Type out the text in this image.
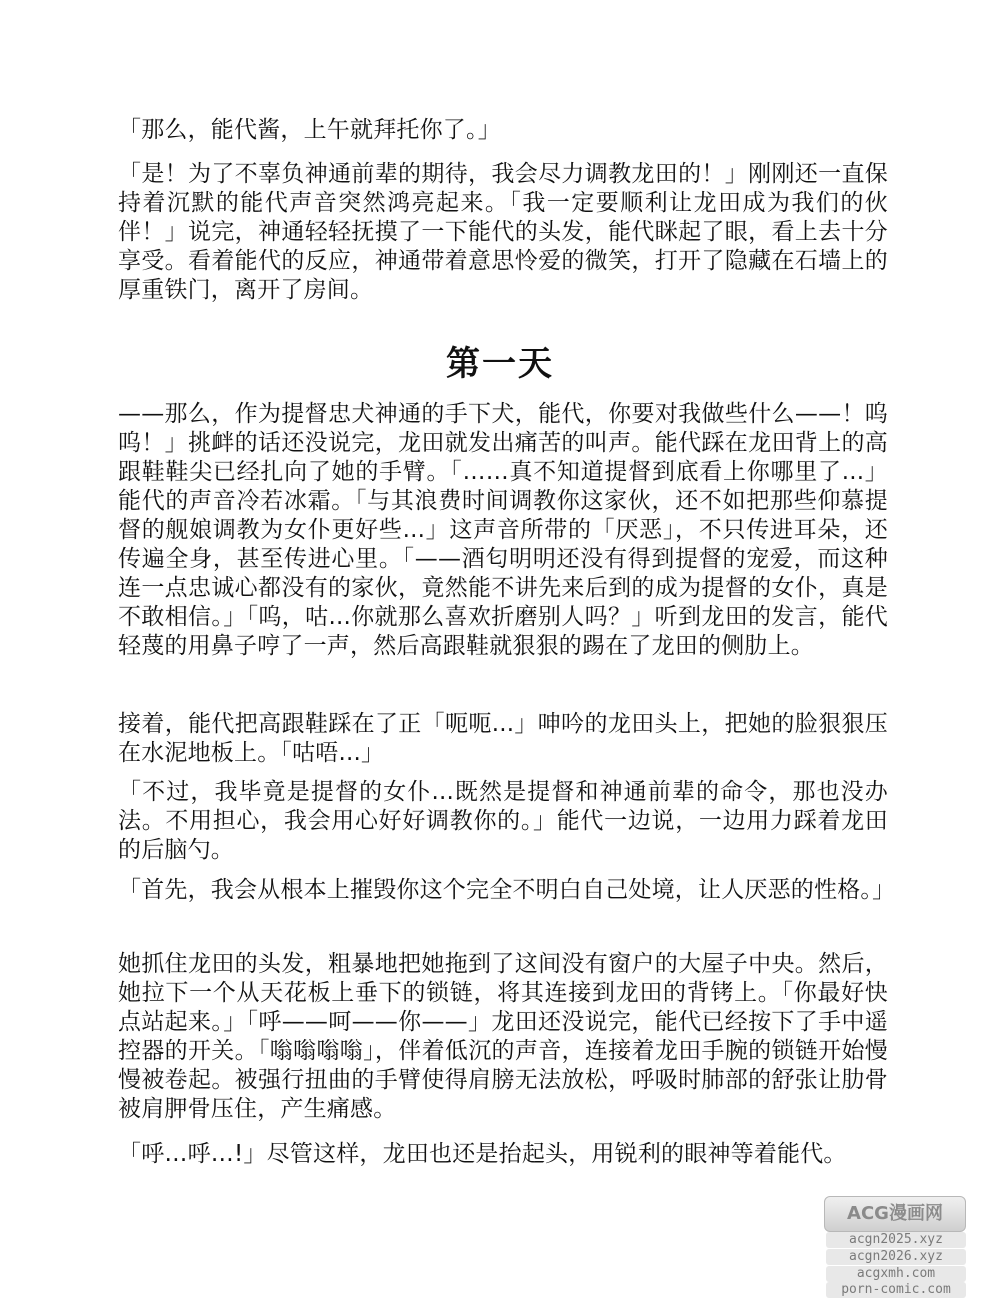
「那么，能代酱，上午就拜托你了。」

「是！为了不辜负神通前辈的期待，我会尽力调教龙田的！」刚刚还一直保持着沉默的能代声音突然鸿亮起来。「我一定要顺利让龙田成为我们的伙伴！」说完，神通轻轻抚摸了一下能代的头发，能代眯起了眼，看上去十分享受。看着能代的反应，神通带着意思怜爱的微笑，打开了隐藏在石墙上的厚重铁门，离开了房间。

第一天

——那么，作为提督忠犬神通的手下犬，能代，你要对我做些什么——！呜呜！」挑衅的话还没说完，龙田就发出痛苦的叫声。能代踩在龙田背上的高跟鞋鞋尖已经扎向了她的手臂。「……真不知道提督到底看上你哪里了...」能代的声音冷若冰霜。「与其浪费时间调教你这家伙，还不如把那些仰慕提督的舰娘调教为女仆更好些...」这声音所带的「厌恶」，不只传进耳朵，还传遍全身，甚至传进心里。「——酒匂明明还没有得到提督的宠爱，而这种连一点忠诚心都没有的家伙，竟然能不讲先来后到的成为提督的女仆，真是不敢相信。」「呜，咕...你就那么喜欢折磨别人吗？」听到龙田的发言，能代轻蔑的用鼻子哼了一声，然后高跟鞋就狠狠的踢在了龙田的侧肋上。

接着，能代把高跟鞋踩在了正「呃呃...」呻吟的龙田头上，把她的脸狠狠压在水泥地板上。「咕唔...」

「不过，我毕竟是提督的女仆...既然是提督和神通前辈的命令，那也没办法。不用担心，我会用心好好调教你的。」能代一边说，一边用力踩着龙田的后脑勺。

「首先，我会从根本上摧毁你这个完全不明白自己处境，让人厌恶的性格。」

她抓住龙田的头发，粗暴地把她拖到了这间没有窗户的大屋子中央。然后，她拉下一个从天花板上垂下的锁链，将其连接到龙田的背铐上。「你最好快点站起来。」「呼——呵——你——」龙田还没说完，能代已经按下了手中遥控器的开关。「嗡嗡嗡嗡」，伴着低沉的声音，连接着龙田手腕的锁链开始慢慢被卷起。被强行扭曲的手臂使得肩膀无法放松，呼吸时肺部的舒张让肋骨被肩胛骨压住，产生痛感。

「呼…呼…!」尽管这样，龙田也还是抬起头，用锐利的眼神等着能代。

ACG漫画网
acgn2025.xyz
acgn2026.xyz
acgxmh.com
porn-comic.com
